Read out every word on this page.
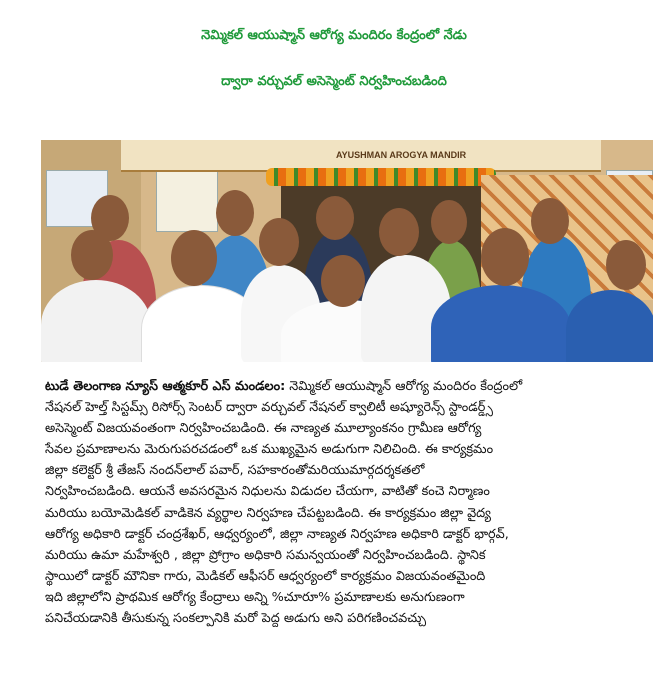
నెమ్మికల్ ఆయుష్మాన్ ఆరోగ్య మందిరం కేంద్రంలో నేడు
ద్వారా వర్చువల్ అసెస్మెంట్ నిర్వహించబడింది
AYUSHMAN AROGYA MANDIR
టుడే తెలంగాణ న్యూస్ ఆత్మకూర్ ఎస్ మండలం: నెమ్మికల్ ఆయుష్మాన్ ఆరోగ్య మందిరం కేంద్రంలో
నేషనల్ హెల్త్ సిస్టమ్స్ రిసోర్స్ సెంటర్ ద్వారా వర్చువల్ నేషనల్ క్వాలిటీ అష్యూరెన్స్ స్టాండర్డ్స్
అసెస్మెంట్ విజయవంతంగా నిర్వహించబడింది. ఈ నాణ్యత మూల్యాంకనం గ్రామీణ ఆరోగ్య
సేవల ప్రమాణాలను మెరుగుపరచడంలో ఒక ముఖ్యమైన అడుగుగా నిలిచింది. ఈ కార్యక్రమం
జిల్లా కలెక్టర్ శ్రీ తేజస్ నందన్‌లాల్ పవార్, సహకారంతోమరియుమార్గదర్శకతలో
నిర్వహించబడింది. ఆయనే అవసరమైన నిధులను విడుదల చేయగా, వాటితో కంచె నిర్మాణం
మరియు బయోమెడికల్ వాడికెన వ్యర్థాల నిర్వహణ చేపట్టబడింది. ఈ కార్యక్రమం జిల్లా వైద్య
ఆరోగ్య అధికారి డాక్టర్ చంద్రశేఖర్, ఆధ్వర్యంలో, జిల్లా నాణ్యత నిర్వహణ అధికారి డాక్టర్ భార్గవ్,
మరియు ఉమా మహేశ్వరి , జిల్లా ప్రోగ్రాం అధికారి సమన్వయంతో నిర్వహించబడింది. స్థానిక
స్థాయిలో డాక్టర్ మౌనికా గారు, మెడికల్ ఆఫీసర్ ఆధ్వర్యంలో కార్యక్రమం విజయవంతమైంది
ఇది జిల్లాలోని ప్రాథమిక ఆరోగ్య కేంద్రాలు అన్ని %చూరూ% ప్రమాణాలకు అనుగుణంగా
పనిచేయడానికి తీసుకున్న సంకల్పానికి మరో పెద్ద అడుగు అని పరిగణించవచ్చు
